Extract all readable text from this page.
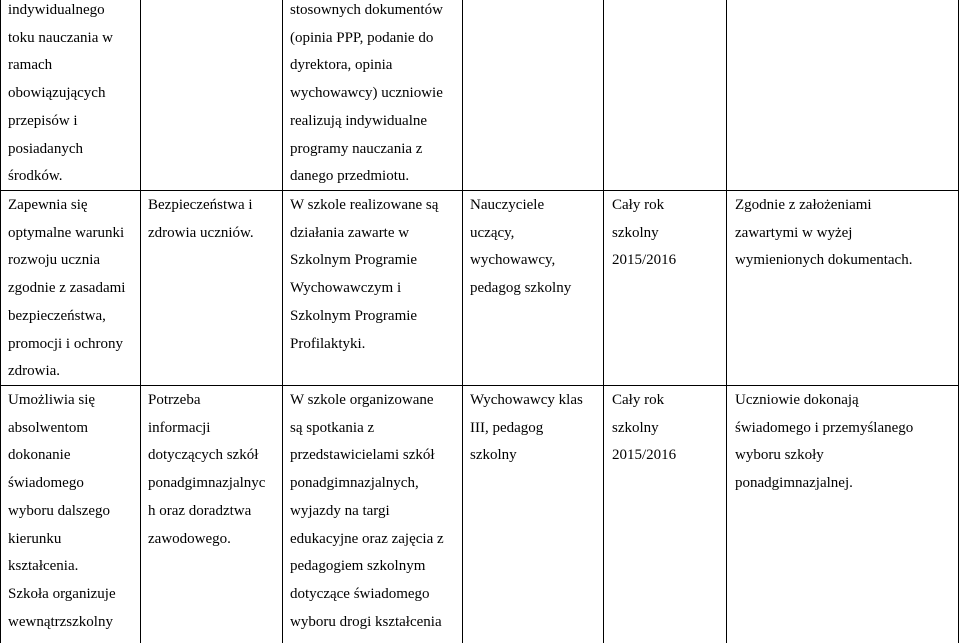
indywidualnego
toku nauczania w
ramach
obowiązujących
przepisów i
posiadanych
środków.
stosownych dokumentów
(opinia PPP, podanie do
dyrektora, opinia
wychowawcy) uczniowie
realizują indywidualne
programy nauczania z
danego przedmiotu.
Zapewnia się
optymalne warunki
rozwoju ucznia
zgodnie z zasadami
bezpieczeństwa,
promocji i ochrony
zdrowia.
Bezpieczeństwa i
zdrowia uczniów.
W szkole realizowane są
działania zawarte w
Szkolnym Programie
Wychowawczym i
Szkolnym Programie
Profilaktyki.
Nauczyciele
uczący,
wychowawcy,
pedagog szkolny
Cały rok
szkolny
2015/2016
Zgodnie z założeniami
zawartymi w wyżej
wymienionych dokumentach.
Umożliwia się
absolwentom
dokonanie
świadomego
wyboru dalszego
kierunku
kształcenia.
Szkoła organizuje
wewnątrzszkolny
Potrzeba
informacji
dotyczących szkół
ponadgimnazjalnyc
h oraz doradztwa
zawodowego.
W szkole organizowane
są spotkania z
przedstawicielami szkół
ponadgimnazjalnych,
wyjazdy na targi
edukacyjne oraz zajęcia z
pedagogiem szkolnym
dotyczące świadomego
wyboru drogi kształcenia
Wychowawcy klas
III, pedagog
szkolny
Cały rok
szkolny
2015/2016
Uczniowie dokonają
świadomego i przemyślanego
wyboru szkoły
ponadgimnazjalnej.
